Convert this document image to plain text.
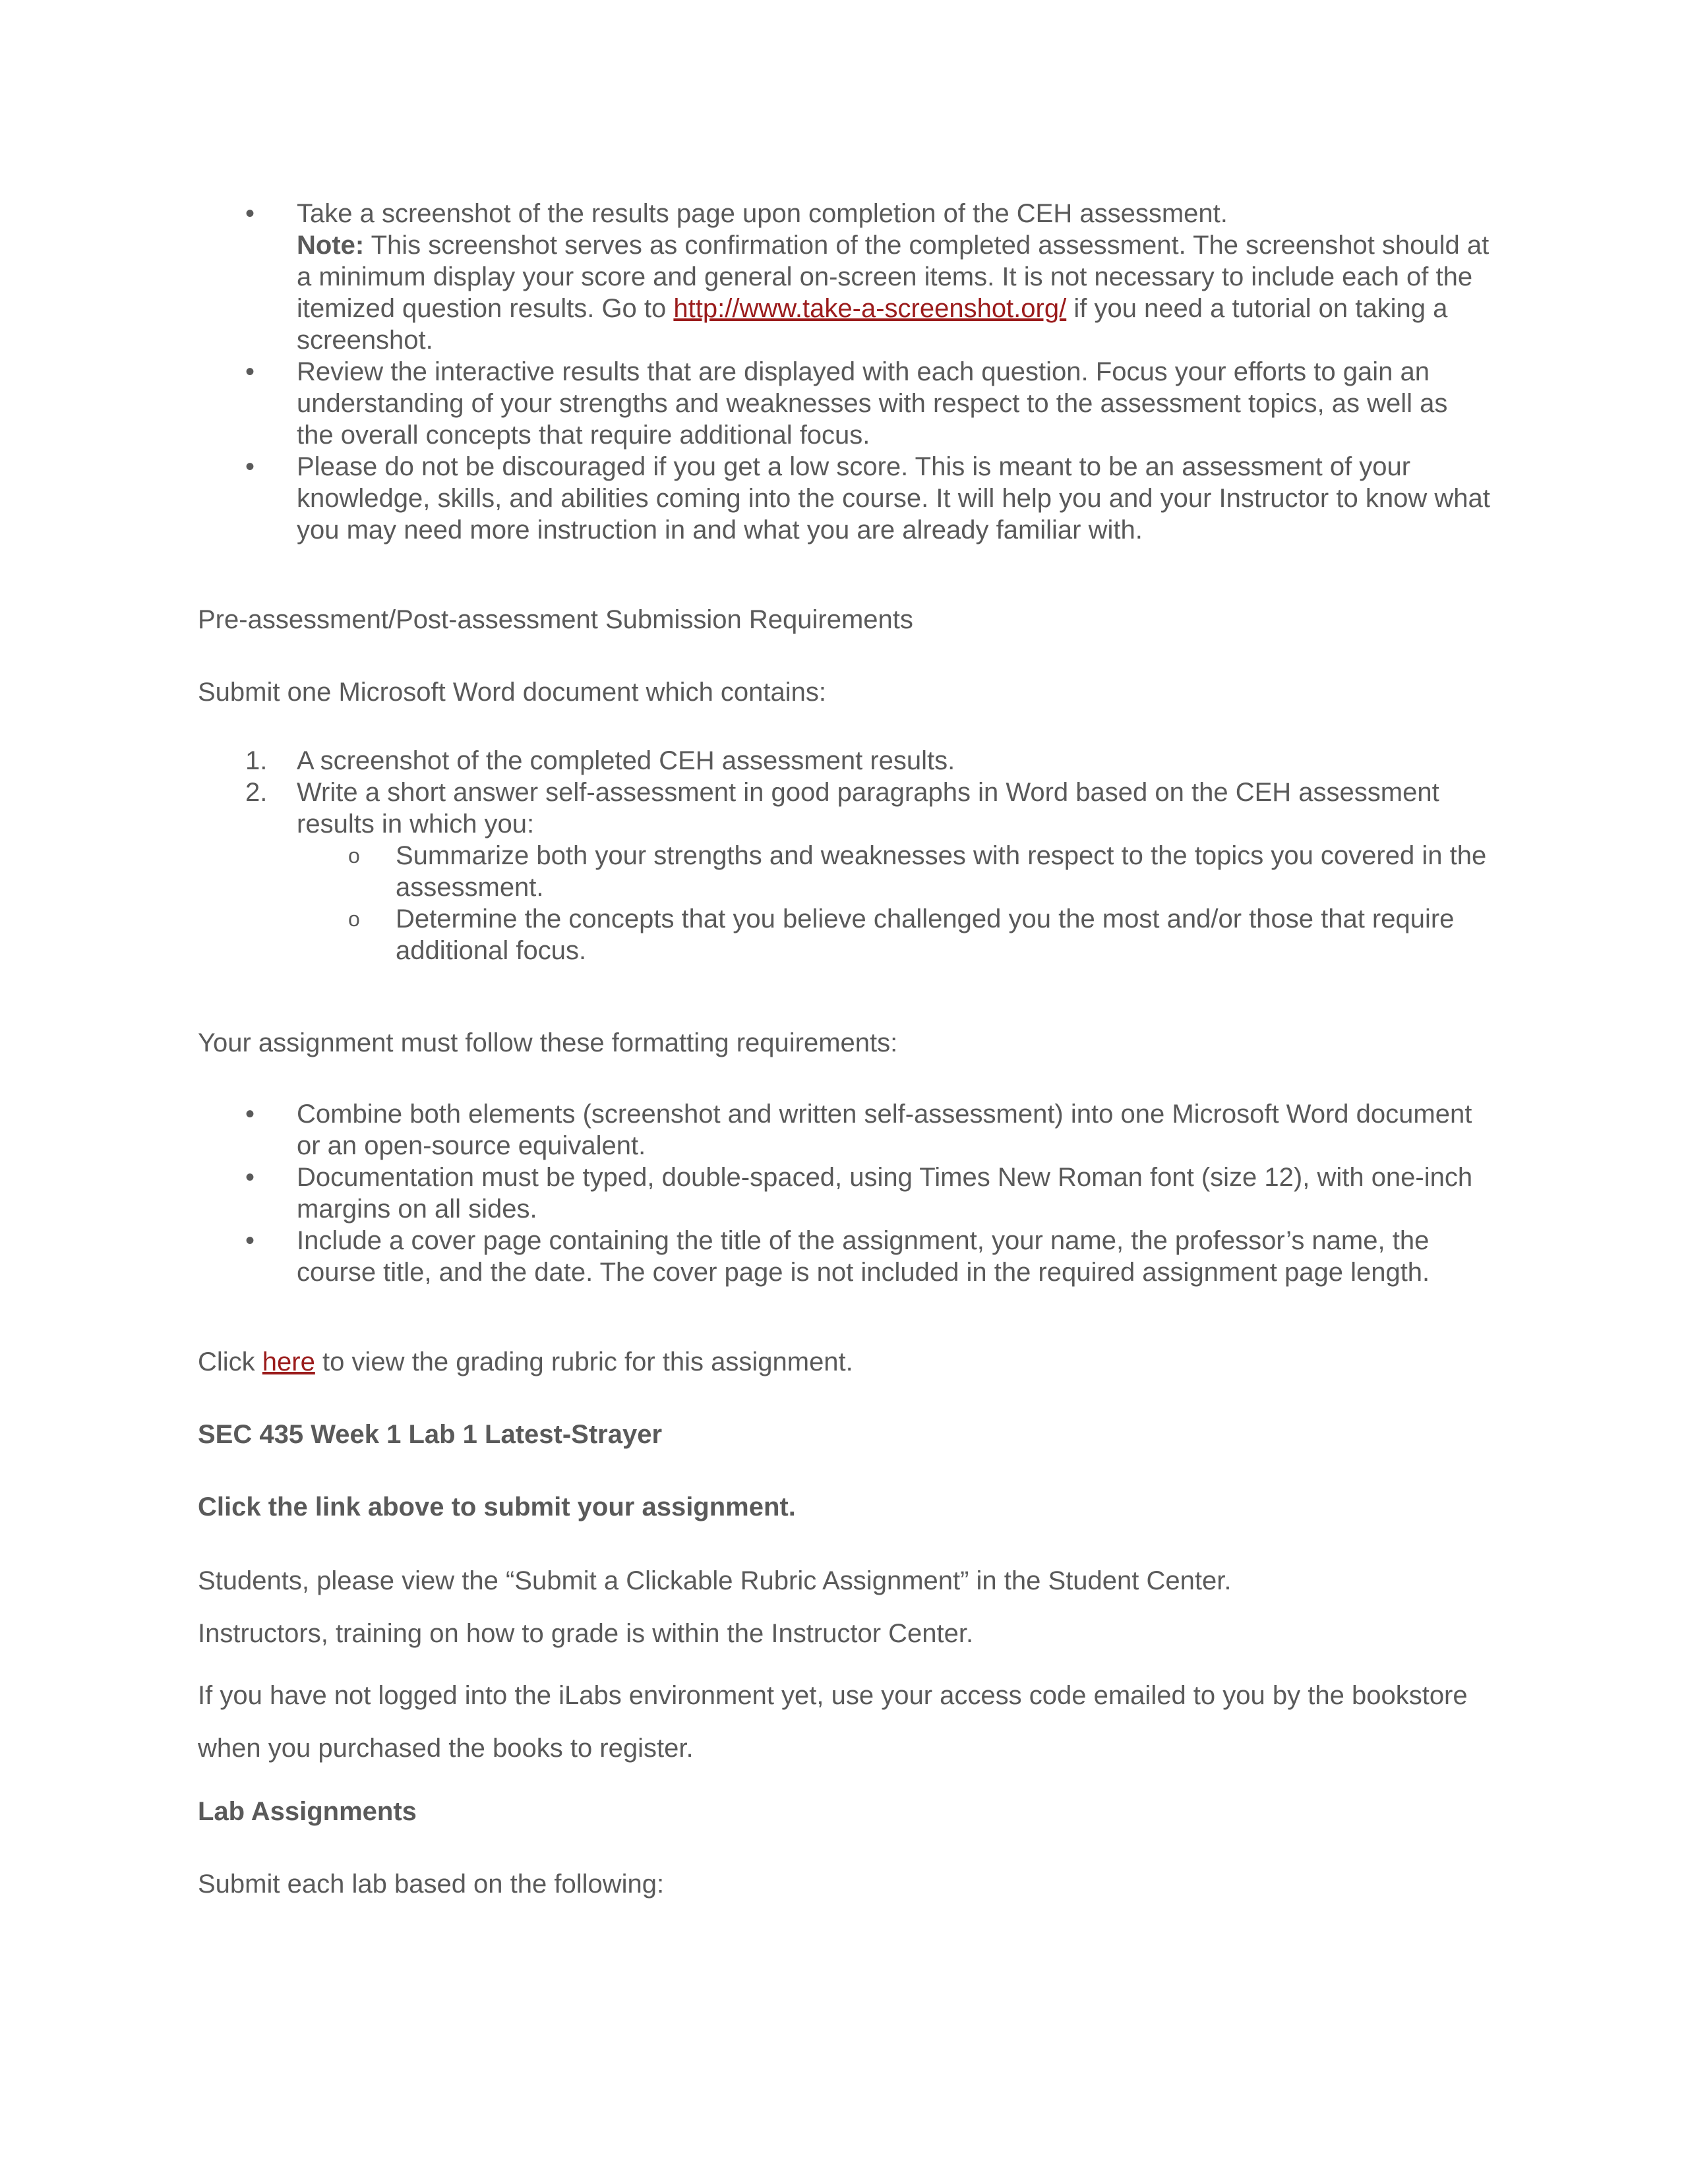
• Take a screenshot of the results page upon completion of the CEH assessment.
Note: This screenshot serves as confirmation of the completed assessment. The screenshot should at a minimum display your score and general on-screen items. It is not necessary to include each of the itemized question results. Go to http://www.take-a-screenshot.org/ if you need a tutorial on taking a screenshot.
• Review the interactive results that are displayed with each question. Focus your efforts to gain an understanding of your strengths and weaknesses with respect to the assessment topics, as well as the overall concepts that require additional focus.
• Please do not be discouraged if you get a low score. This is meant to be an assessment of your knowledge, skills, and abilities coming into the course. It will help you and your Instructor to know what you may need more instruction in and what you are already familiar with.

Pre-assessment/Post-assessment Submission Requirements

Submit one Microsoft Word document which contains:

1. A screenshot of the completed CEH assessment results.
2. Write a short answer self-assessment in good paragraphs in Word based on the CEH assessment results in which you:
o Summarize both your strengths and weaknesses with respect to the topics you covered in the assessment.
o Determine the concepts that you believe challenged you the most and/or those that require additional focus.

Your assignment must follow these formatting requirements:

• Combine both elements (screenshot and written self-assessment) into one Microsoft Word document or an open-source equivalent.
• Documentation must be typed, double-spaced, using Times New Roman font (size 12), with one-inch margins on all sides.
• Include a cover page containing the title of the assignment, your name, the professor’s name, the course title, and the date. The cover page is not included in the required assignment page length.

Click here to view the grading rubric for this assignment.

SEC 435 Week 1 Lab 1 Latest-Strayer

Click the link above to submit your assignment.

Students, please view the “Submit a Clickable Rubric Assignment” in the Student Center.

Instructors, training on how to grade is within the Instructor Center.

If you have not logged into the iLabs environment yet, use your access code emailed to you by the bookstore when you purchased the books to register.

Lab Assignments

Submit each lab based on the following:
